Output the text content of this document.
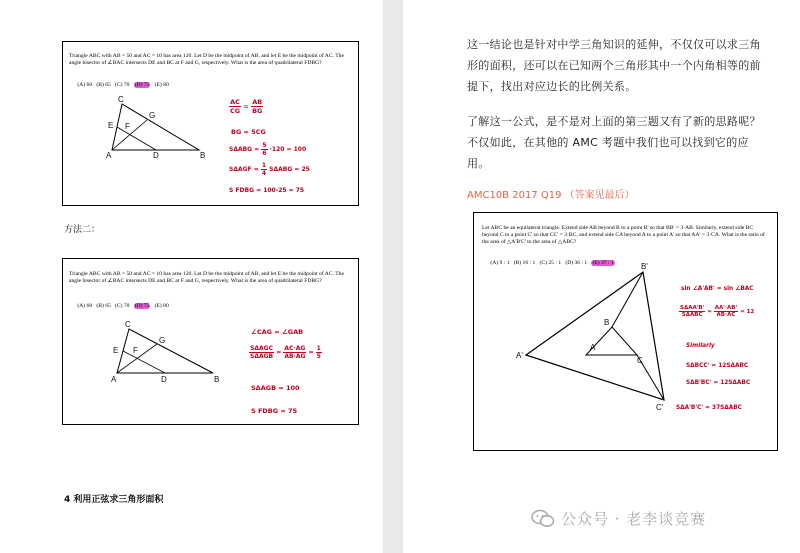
Triangle ABC with AB = 50 and AC = 10 has area 120. Let D be the midpoint of AB, and let E be the midpoint of AC. The angle bisector of ∠BAC intersects DE and BC at F and G, respectively. What is the area of quadrilateral FDBG?

(A) 60 (B) 65 (C) 70 (D) 75 (E) 80

C
G
E F
A	D	B
$\frac{AC}{CG} = \frac{AB}{BG}$
BG = 5CG
$S\Delta ABG = \frac{5}{6} \cdot 120 = 100$
$S\Delta AGF = \frac{1}{4}$ SΔABG = 25
S FDBG = 100-25 = 75
方法二：
Triangle ABC with AB = 50 and AC = 10 has area 120. Let D be the midpoint of AB, and let E be the midpoint of AC. The angle bisector of ∠BAC intersects DE and BC at F and G, respectively. What is the area of quadrilateral FDBG?

(A) 60 (B) 65 (C) 70 (D) 75 (E) 80

C
G
E F
A	D	B
∠CAG = ∠GAB
$\frac{\text{SΔAGC}}{\text{SΔAGB}} = \frac{AC\cdot AG}{AB\cdot AG} = \frac{1}{5}$
SΔAGB = 100
S FDBG = 75
4 利用正弦求三角形面积
这一结论也是针对中学三角知识的延伸，不仅仅可以求三角形的面积，还可以在已知两个三角形其中一个内角相等的前提下，找出对应边长的比例关系。
了解这一公式，是不是对上面的第三题又有了新的思路呢？不仅如此，在其他的 AMC 考题中我们也可以找到它的应用。
AMC10B 2017 Q19 （答案见最后）
Let ABC be an equilateral triangle. Extend side AB beyond B to a point B' so that BB' = 3·AB. Similarly, extend side BC beyond C to a point C' so that CC' = 3·BC, and extend side CA beyond A to a point A' so that AA' = 3·CA. What is the ratio of the area of △A'B'C' to the area of △ABC?

(A) 9 : 1 (B) 16 : 1 (C) 25 : 1 (D) 36 : 1 (E) 37 : 1
	B'
B
A
C
A'
C'
sin ∠A'AB' = sin ∠BAC
$\frac{\text{SΔAA'B'}}{\text{SΔABC}} = \frac{AA'\cdot AB'}{AB\cdot AC} = 12$
Similarly
SΔBCC' = 12SΔABC
SΔB'BC' = 12SΔABC
SΔA'B'C' = 37SΔABC
公众号 · 老李谈竞赛
